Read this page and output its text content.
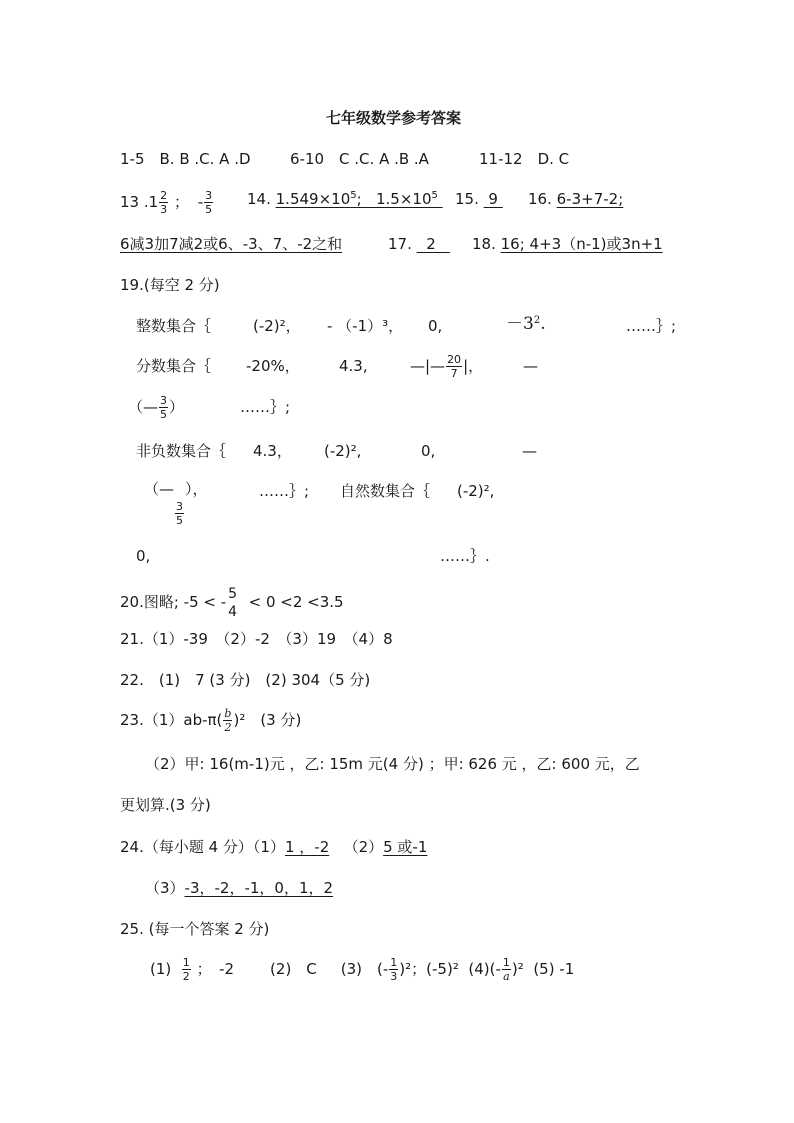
七年级数学参考答案
1-5　B. B .C. A .D	6-10　C .C. A .B .A	11-12　D. C
13 $.1 \frac{2}{3}$ ； - $\frac{3}{5} 14$. $1.549\times 10^5$; $1.5\times 10^5$	15. 9	16. 6-3+7-2;
6减3加7减2或6、-3、7、-2之和	17. 2	18. 16; 4+3（n-1)或3n+1
19.(每空 2 分)
整数集合｛	(-2)²， - （-1）³， 0,	$-3^2$.	……｝;
分数集合｛ -20%，	4.3,	—|— $\frac{20}{7}$ |，	—
（— $\frac{3}{5}$ ）	……｝;
非负数集合｛ 4.3， (-2)²,	0,	—
（—
$\frac{3}{5}$
），	……｝; 自然数集合｛ (-2)²,
0,	……｝.
20.图略; -5 < - 5
4
< 0 <2 <3.5
21.（1）-39　（2）-2　（3）19　（4）8
22.　(1)　7 (3 分)　(2) 304（5 分)
$23.(1)ab-\pi( \frac{b}{2} )^2$　(3 分)
（2）甲: 16(m-1)元 ，乙: 15m 元(4 分) ；甲: 626 元 ，乙: 600 元，乙
更划算.(3 分)
24.（每小题 4 分）（1）1 ，-2 （2）5 或-1
（3）-3，-2，-1，0，1，2
25. (每一个答案 2 分)
$(1) \frac{1}{2}$ ；　-2 (2)　C (3)　(- $\frac{1}{3} )^2$；(-5)² $(4)(- \frac{1}{a} )^2$ (5) -1
